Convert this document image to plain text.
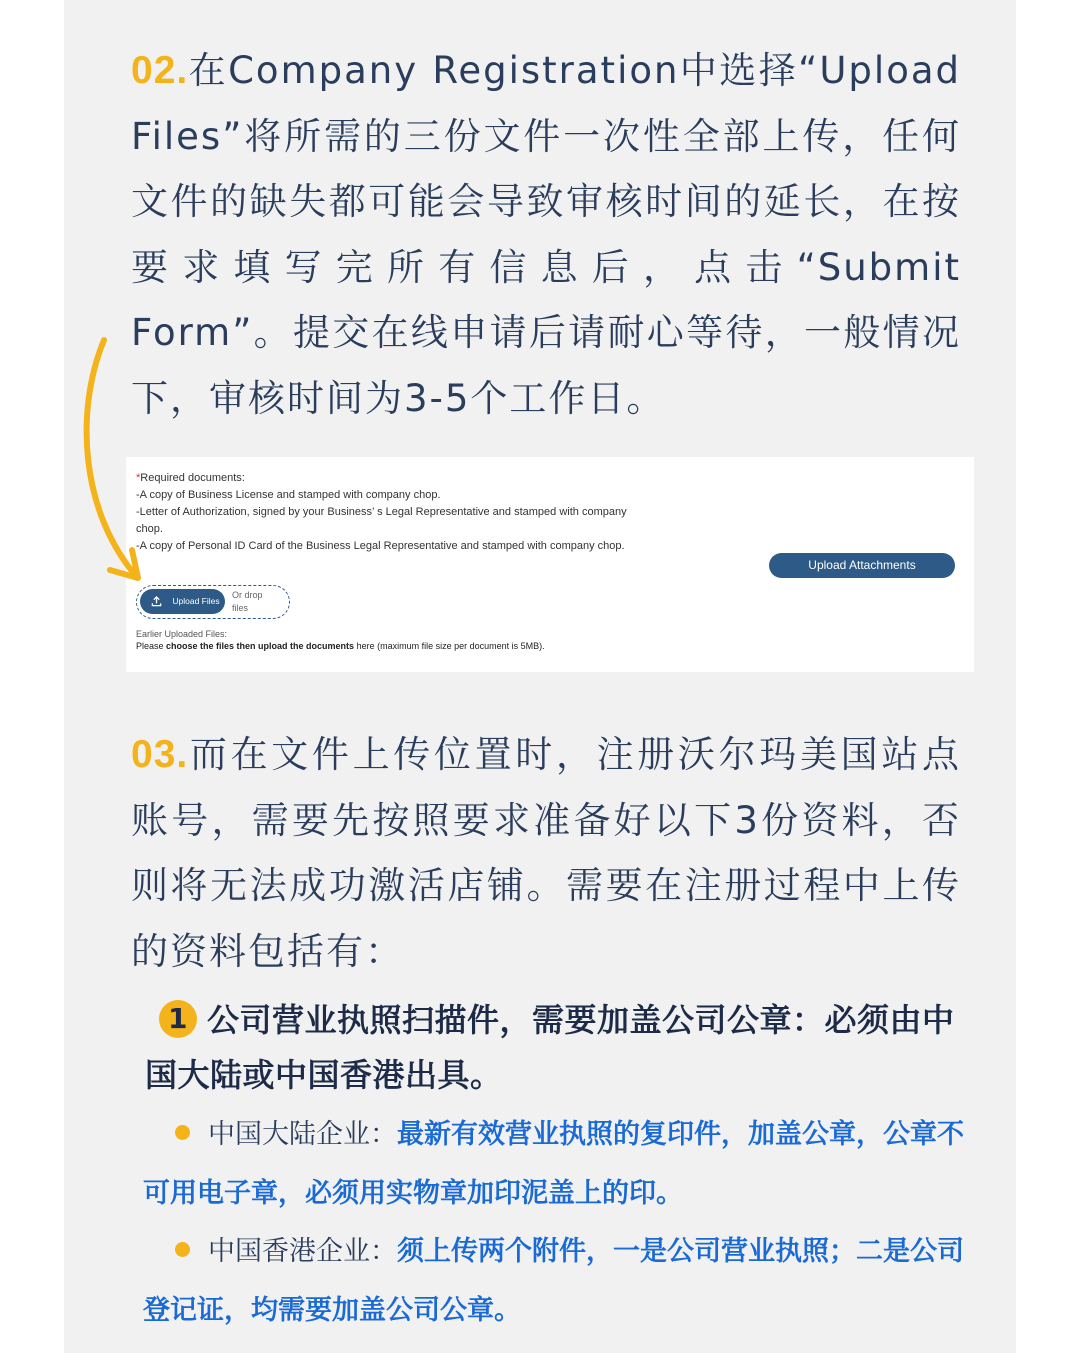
02.在Company Registration中选择“Upload Files”将所需的三份文件一次性全部上传，任何文件的缺失都可能会导致审核时间的延长，在按要求填写完所有信息后，点击“Submit Form”。提交在线申请后请耐心等待，一般情况下，审核时间为3-5个工作日。
*Required documents:
-A copy of Business License and stamped with company chop.
-Letter of Authorization, signed by your Business’ s Legal Representative and stamped with company chop.
-A copy of Personal ID Card of the Business Legal Representative and stamped with company chop.
Upload Files
Or drop
files
Earlier Uploaded Files:
Please choose the files then upload the documents here (maximum file size per document is 5MB).
Upload Attachments
03.而在文件上传位置时，注册沃尔玛美国站点账号，需要先按照要求准备好以下3份资料，否则将无法成功激活店铺。需要在注册过程中上传的资料包括有：
1 公司营业执照扫描件，需要加盖公司公章：必须由中国大陆或中国香港出具。
中国大陆企业：最新有效营业执照的复印件，加盖公章，公章不可用电子章，必须用实物章加印泥盖上的印。
中国香港企业：须上传两个附件，一是公司营业执照；二是公司登记证，均需要加盖公司公章。
